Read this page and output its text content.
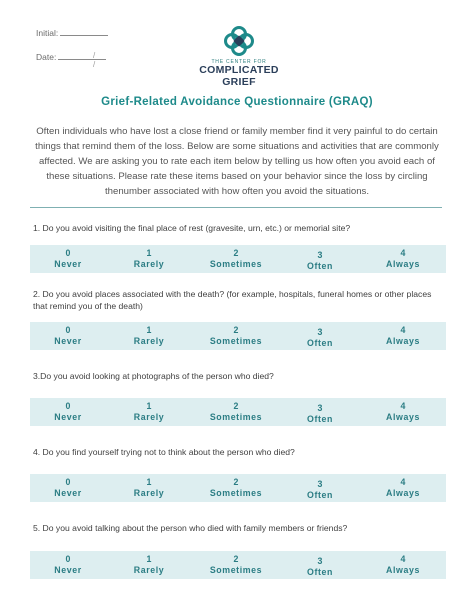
Initial:
Date:	/ /	THE CENTER FOR
COMPLICATED GRIEF
Grief-Related Avoidance Questionnaire (GRAQ)
Often individuals who have lost a close friend or family member find it very painful to do certain things that remind them of the loss. Below are some situations and activities that are commonly affected. We are asking you to rate each item below by telling us how often you avoid each of these situations. Please rate these items based on your behavior since the loss by circling thenumber associated with how often you avoid the situations.
1. Do you avoid visiting the final place of rest (gravesite, urn, etc.) or memorial site?
0
Never
1
Rarely
2
Sometimes
3
Often
4
Always
2. Do you avoid places associated with the death? (for example, hospitals, funeral homes or other places that remind you of the death)
0
Never
1
Rarely
2
Sometimes
3
Often
4
Always
3.Do you avoid looking at photographs of the person who died?
0
Never
1
Rarely
2
Sometimes
3
Often
4
Always
4. Do you find yourself trying not to think about the person who died?
0
Never
1
Rarely
2
Sometimes
3
Often
4
Always
5. Do you avoid talking about the person who died with family members or friends?
0
Never
1
Rarely
2
Sometimes
3
Often
4
Always
